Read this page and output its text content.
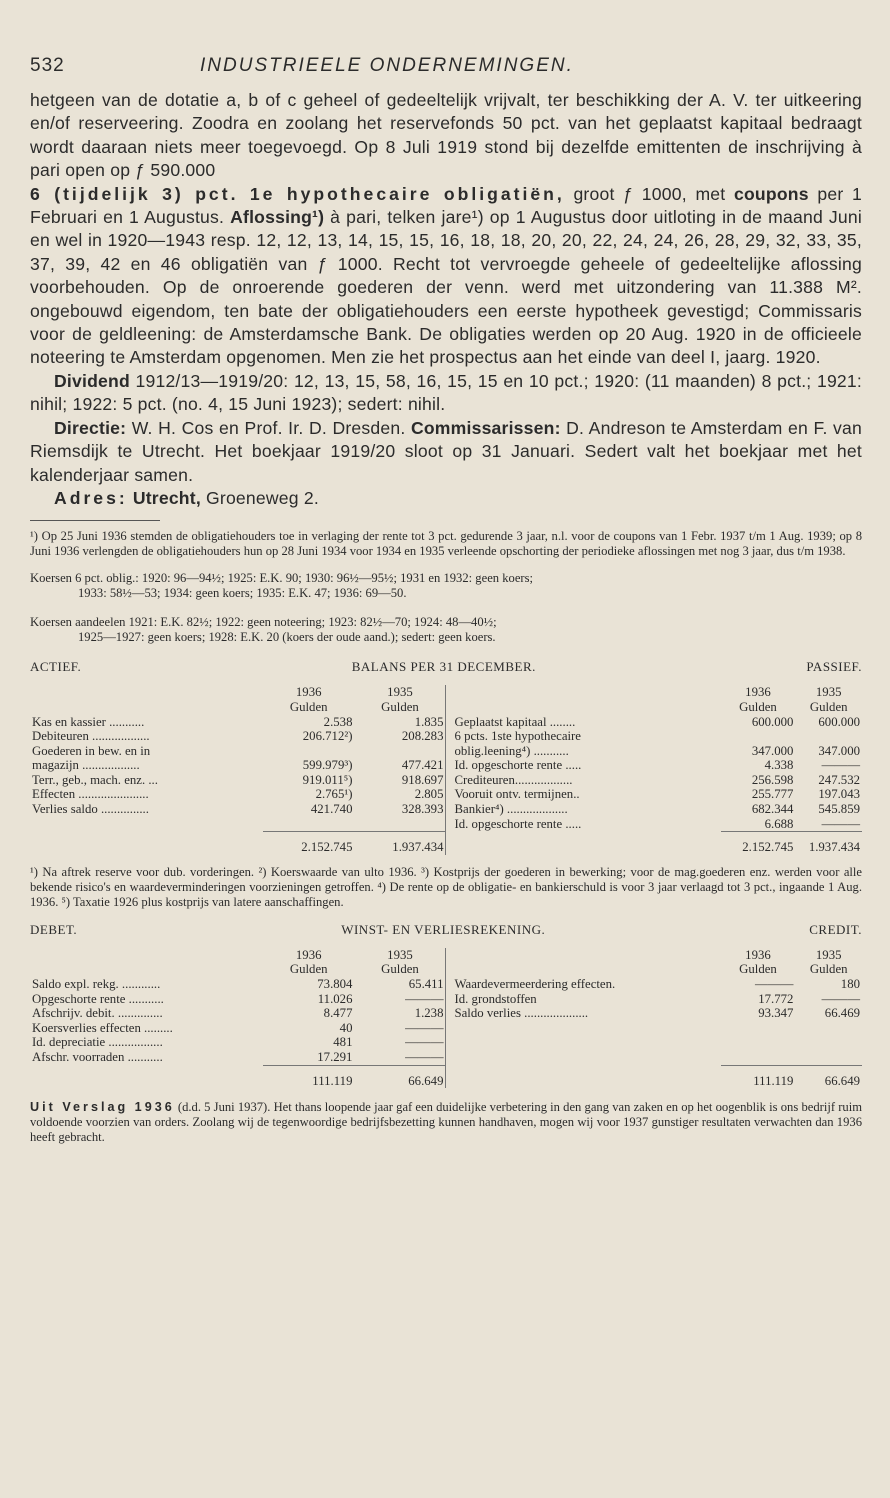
532	INDUSTRIEELE ONDERNEMINGEN.

hetgeen van de dotatie a, b of c geheel of gedeeltelijk vrijvalt, ter beschikking der A. V. ter uitkeering en/of reserveering. Zoodra en zoolang het reservefonds 50 pct. van het geplaatst kapitaal bedraagt wordt daaraan niets meer toegevoegd. Op 8 Juli 1919 stond bij dezelfde emittenten de inschrijving à pari open op ƒ 590.000

6 (tijdelijk 3) pct. 1e hypothecaire obligatiën, groot ƒ 1000, met coupons per 1 Februari en 1 Augustus. Aflossing¹) à pari, telken jare¹) op 1 Augustus door uitloting in de maand Juni en wel in 1920—1943 resp. 12, 12, 13, 14, 15, 15, 16, 18, 18, 20, 20, 22, 24, 24, 26, 28, 29, 32, 33, 35, 37, 39, 42 en 46 obligatiën van ƒ 1000. Recht tot vervroegde geheele of gedeeltelijke aflossing voorbehouden. Op de onroerende goederen der venn. werd met uitzondering van 11.388 M². ongebouwd eigendom, ten bate der obligatiehouders een eerste hypotheek gevestigd; Commissaris voor de geldleening: de Amsterdamsche Bank. De obligaties werden op 20 Aug. 1920 in de officieele noteering te Amsterdam opgenomen. Men zie het prospectus aan het einde van deel I, jaarg. 1920.

Dividend 1912/13—1919/20: 12, 13, 15, 58, 16, 15, 15 en 10 pct.; 1920: (11 maanden) 8 pct.; 1921: nihil; 1922: 5 pct. (no. 4, 15 Juni 1923); sedert: nihil.

Directie: W. H. Cos en Prof. Ir. D. Dresden. Commissarissen: D. Andreson te Amsterdam en F. van Riemsdijk te Utrecht. Het boekjaar 1919/20 sloot op 31 Januari. Sedert valt het boekjaar met het kalenderjaar samen.

Adres: Utrecht, Groeneweg 2.

¹) Op 25 Juni 1936 stemden de obligatiehouders toe in verlaging der rente tot 3 pct. gedurende 3 jaar, n.l. voor de coupons van 1 Febr. 1937 t/m 1 Aug. 1939; op 8 Juni 1936 verlengden de obligatiehouders hun op 28 Juni 1934 voor 1934 en 1935 verleende opschorting der periodieke aflossingen met nog 3 jaar, dus t/m 1938.

Koersen 6 pct. oblig.: 1920: 96—94½; 1925: E.K. 90; 1930: 96½—95½; 1931 en 1932: geen koers;
1933: 58½—53; 1934: geen koers; 1935: E.K. 47; 1936: 69—50.
Koersen aandeelen 1921: E.K. 82½; 1922: geen noteering; 1923: 82½—70; 1924: 48—40½;
1925—1927: geen koers; 1928: E.K. 20 (koers der oude aand.); sedert: geen koers.
ACTIEF.	BALANS PER 31 DECEMBER.	PASSIEF.
	1936	1935		1936	1935
	Gulden	Gulden		Gulden	Gulden
Kas en kassier ...........	2.538	1.835	Geplaatst kapitaal ........	600.000	600.000
Debiteuren ..................	206.712²)	208.283	6 pcts. 1ste hypothecaire		
Goederen in bew. en in			oblig.leening⁴) ...........	347.000	347.000
magazijn ..................	599.979³)	477.421	Id. opgeschorte rente .....	4.338	———
Terr., geb., mach. enz. ...	919.011⁵)	918.697	Crediteuren..................	256.598	247.532
Effecten ......................	2.765¹)	2.805	Vooruit ontv. termijnen..	255.777	197.043
Verlies saldo ...............	421.740	328.393	Bankier⁴) ...................	682.344	545.859
			Id. opgeschorte rente .....	6.688	———
	2.152.745	1.937.434		2.152.745	1.937.434

¹) Na aftrek reserve voor dub. vorderingen. ²) Koerswaarde van ulto 1936. ³) Kostprijs der goederen in bewerking; voor de mag.goederen enz. werden voor alle bekende risico's en waardeverminderingen voorzieningen getroffen. ⁴) De rente op de obligatie- en bankierschuld is voor 3 jaar verlaagd tot 3 pct., ingaande 1 Aug. 1936. ⁵) Taxatie 1926 plus kostprijs van latere aanschaffingen.

DEBET.	WINST- EN VERLIESREKENING.	CREDIT.
	1936	1935		1936	1935
	Gulden	Gulden		Gulden	Gulden
Saldo expl. rekg. ............	73.804	65.411	Waardevermeerdering effecten.	———	180
Opgeschorte rente ...........	11.026	———	Id. grondstoffen	17.772	———
Afschrijv. debit. ..............	8.477	1.238	Saldo verlies ....................	93.347	66.469
Koersverlies effecten .........	40	———			
Id. depreciatie .................	481	———			
Afschr. voorraden ...........	17.291	———			
	111.119	66.649		111.119	66.649

Uit Verslag 1936 (d.d. 5 Juni 1937). Het thans loopende jaar gaf een duidelijke verbetering in den gang van zaken en op het oogenblik is ons bedrijf ruim voldoende voorzien van orders. Zoolang wij de tegenwoordige bedrijfsbezetting kunnen handhaven, mogen wij voor 1937 gunstiger resultaten verwachten dan 1936 heeft gebracht.
